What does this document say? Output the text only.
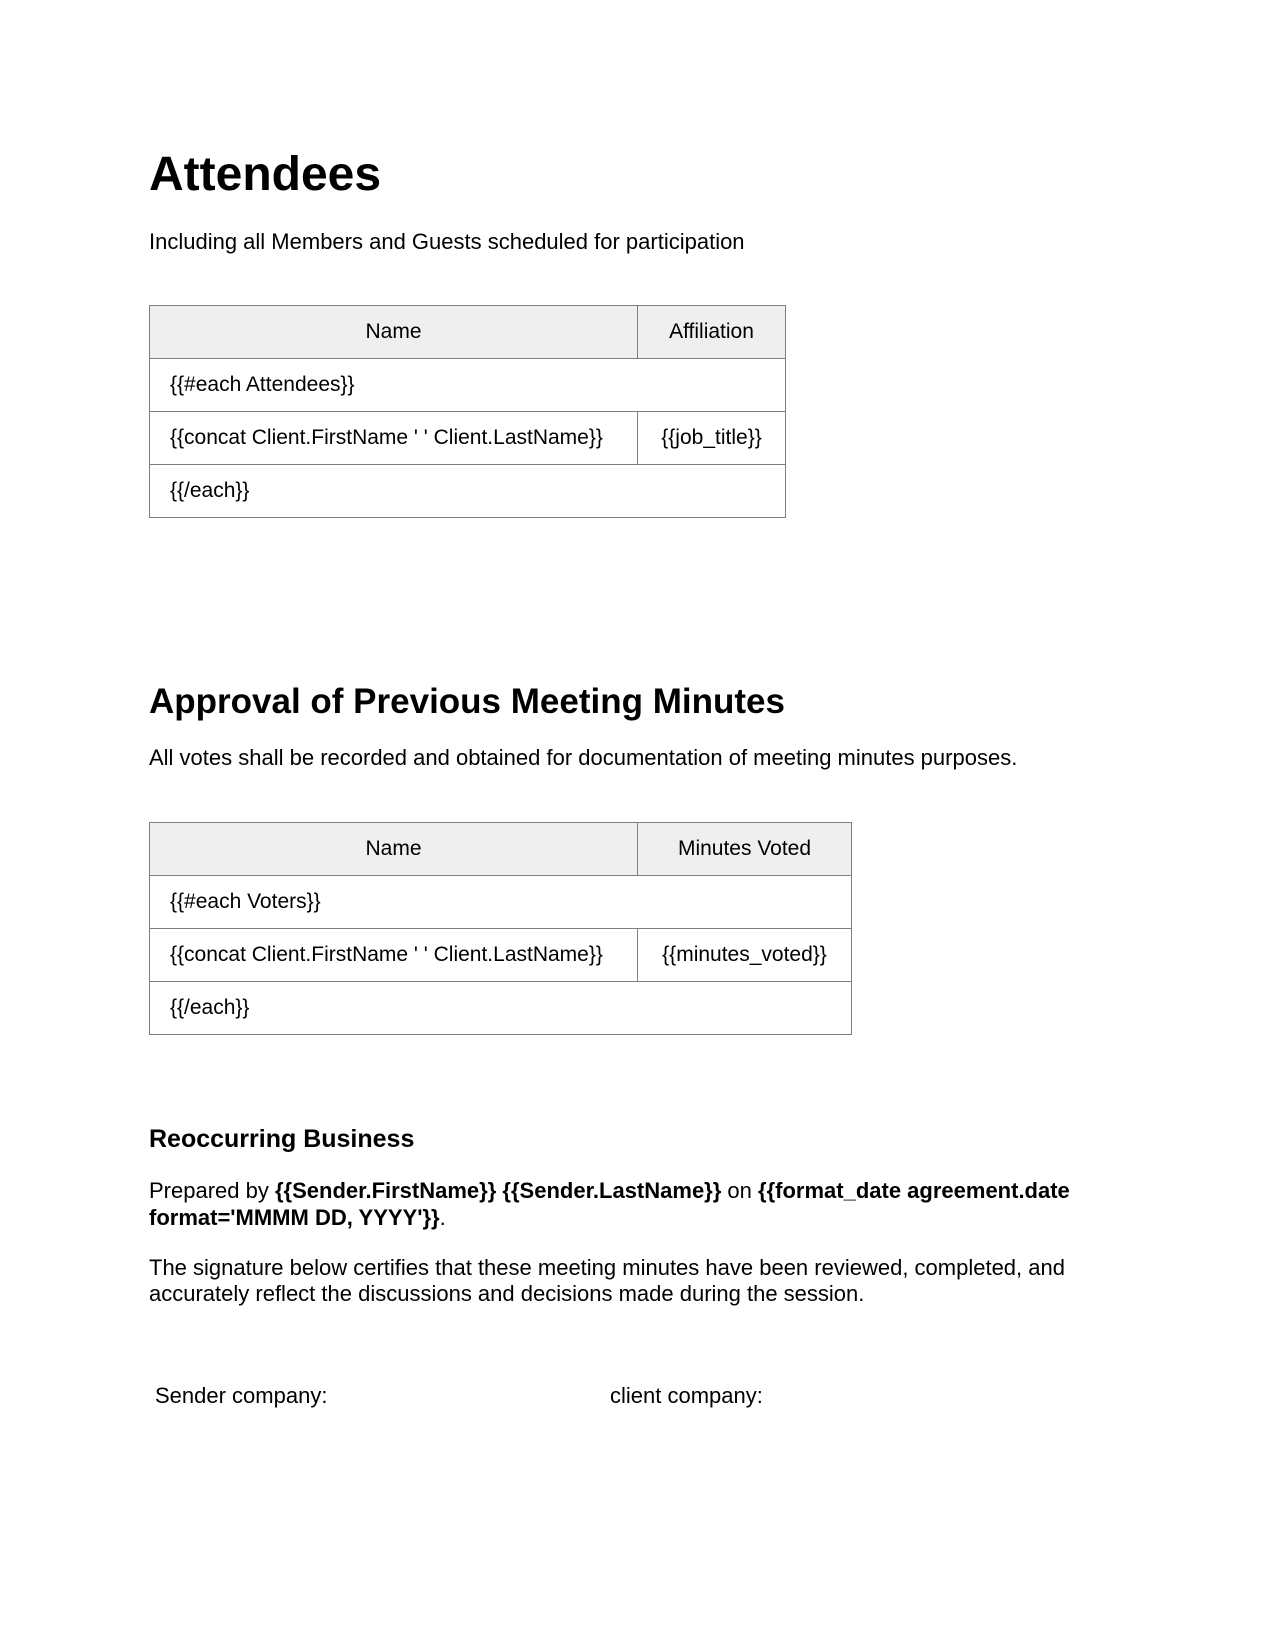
Attendees

Including all Members and Guests scheduled for participation

Name	Affiliation
{{#each Attendees}}	
{{concat Client.FirstName ' ' Client.LastName}}	{{job_title}}
{{/each}}	
Approval of Previous Meeting Minutes

All votes shall be recorded and obtained for documentation of meeting minutes purposes.

Name	Minutes Voted
{{#each Voters}}	
{{concat Client.FirstName ' ' Client.LastName}}	{{minutes_voted}}
{{/each}}	
Reoccurring Business

Prepared by {{Sender.FirstName}} {{Sender.LastName}} on {{format_date agreement.date

format='MMMM DD, YYYY'}}.

The signature below certifies that these meeting minutes have been reviewed, completed, and

accurately reflect the discussions and decisions made during the session.

Sender company:	client company:
